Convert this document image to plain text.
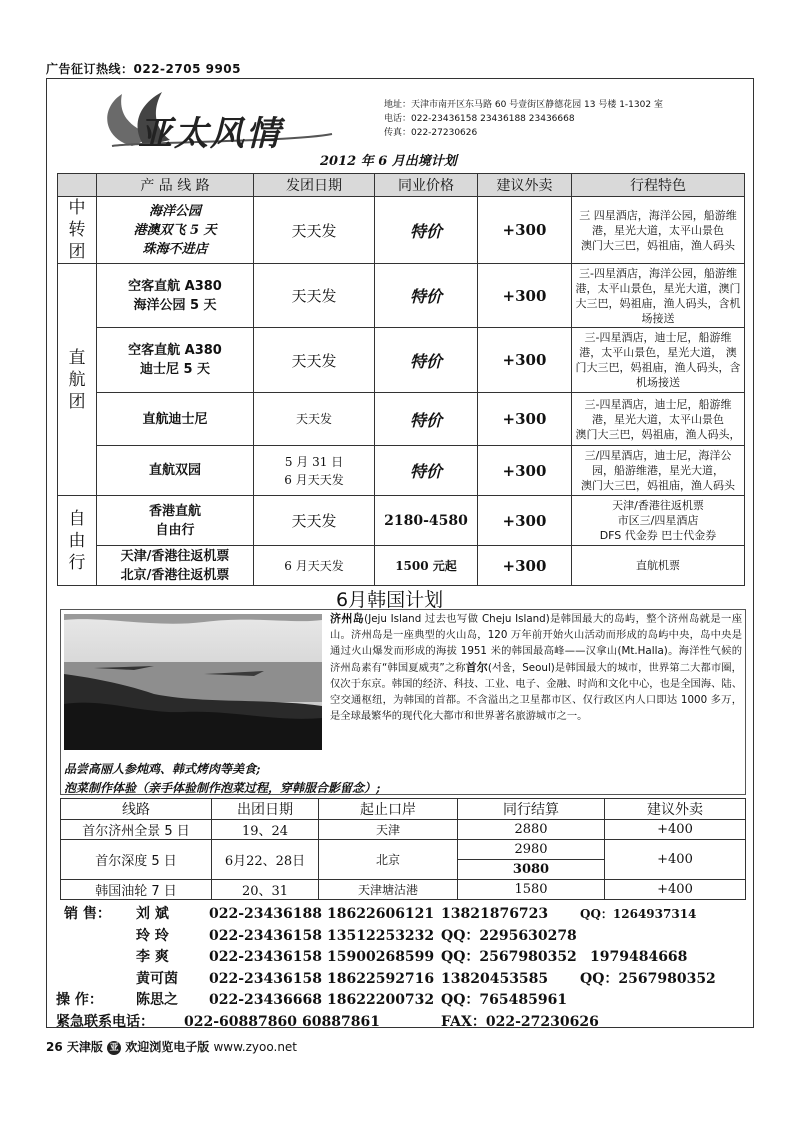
广告征订热线：022-2705 9905
亚太风情
地址：天津市南开区东马路 60 号壹街区静德花园 13 号楼 1-1302 室
电话：022-23436158 23436188 23436668
传真：022-27230626
2012 年 6 月出境计划
	产 品 线 路	发团日期	同业价格	建议外卖	行程特色
中
转
团	海洋公园
港澳双飞 5 天
珠海不进店	天天发	特价	+300	三 四星酒店，海洋公园，船游维港，星光大道，太平山景色
澳门大三巴，妈祖庙，渔人码头
直
航
团	空客直航 A380
海洋公园 5 天	天天发	特价	+300	三-四星酒店，海洋公园，船游维港，太平山景色，星光大道，澳门大三巴，妈祖庙，渔人码头，含机场接送
	空客直航 A380
迪士尼 5 天	天天发	特价	+300	三-四星酒店，迪士尼，船游维港，太平山景色，星光大道， 澳门大三巴，妈祖庙，渔人码头，含机场接送
	直航迪士尼	天天发	特价	+300	三-四星酒店，迪士尼，船游维港，星光大道，太平山景色
澳门大三巴，妈祖庙，渔人码头，
	直航双园	5 月 31 日
6 月天天发	特价	+300	三/四星酒店，迪士尼，海洋公园，船游维港，星光大道，
澳门大三巴，妈祖庙，渔人码头
自
由
行	香港直航
自由行	天天发	2180-4580	+300	天津/香港往返机票
市区三/四星酒店
DFS 代金券 巴士代金券
	天津/香港往返机票
北京/香港往返机票	6 月天天发	1500 元起	+300	直航机票
6月韩国计划
济州岛(Jeju Island 过去也写做 Cheju Island)是韩国最大的岛屿，整个济州岛就是一座山。济州岛是一座典型的火山岛，120 万年前开始火山活动而形成的岛屿中央，岛中央是通过火山爆发而形成的海拔 1951 米的韩国最高峰——汉拿山(Mt.Halla)。海洋性气候的济州岛素有“韩国夏威夷”之称首尔(서울，Seoul)是韩国最大的城市，世界第二大都市圈，仅次于东京。韩国的经济、科技、工业、电子、金融、时尚和文化中心，也是全国海、陆、空交通枢纽，为韩国的首都。不含溢出之卫星都市区、仅行政区内人口即达 1000 多万，是全球最繁华的现代化大都市和世界著名旅游城市之一。
品尝高丽人参炖鸡、韩式烤肉等美食;
泡菜制作体验（亲手体验制作泡菜过程，穿韩服合影留念）;
线路	出团日期	起止口岸	同行结算	建议外卖
首尔济州全景 5 日	19、24	天津	2880	+400
首尔深度 5 日	6月22、28日	北京	2980	+400
			3080	
韩国油轮 7 日	20、31	天津塘沽港	1580	+400
销 售： 刘 斌	022-23436188 18622606121 13821876723	QQ：1264937314
玲 玲	022-23436158 13512253232 QQ：2295630278
李 爽	022-23436158 15900268599 QQ：2567980352 1979484668
黄可茵 022-23436158 18622592716 13820453585 QQ：2567980352
操 作： 陈思之 022-23436668 18622200732 QQ：765485961
紧急联系电话： 022-60887860 60887861	FAX：022-27230626
26 天津版 亚 欢迎浏览电子版 www.zyoo.net
